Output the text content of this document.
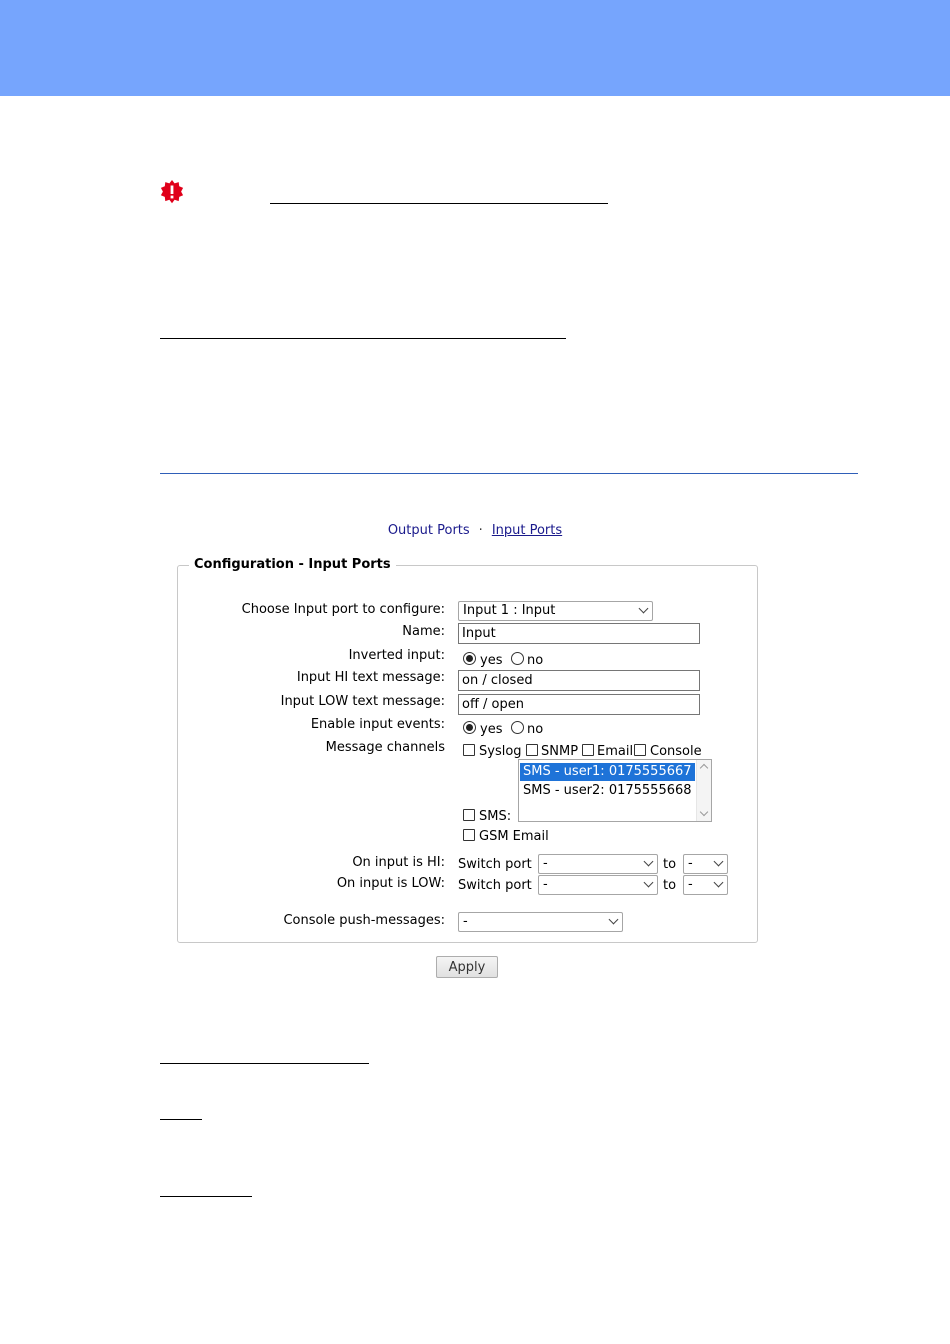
Output Ports · Input Ports
Configuration - Input Ports
Choose Input port to configure:	Input 1 : Input
Name:	Input
Inverted input:	yes no
Input HI text message:	on / closed
Input LOW text message:	off / open
Enable input events:	yes no
Message channels	Syslog SNMP Email Console
SMS - user1: 0175555667
SMS - user2: 0175555668
SMS:
GSM Email
On input is HI: Switch port -	to -
On input is LOW: Switch port -	to -
Console push-messages:	-
Apply
